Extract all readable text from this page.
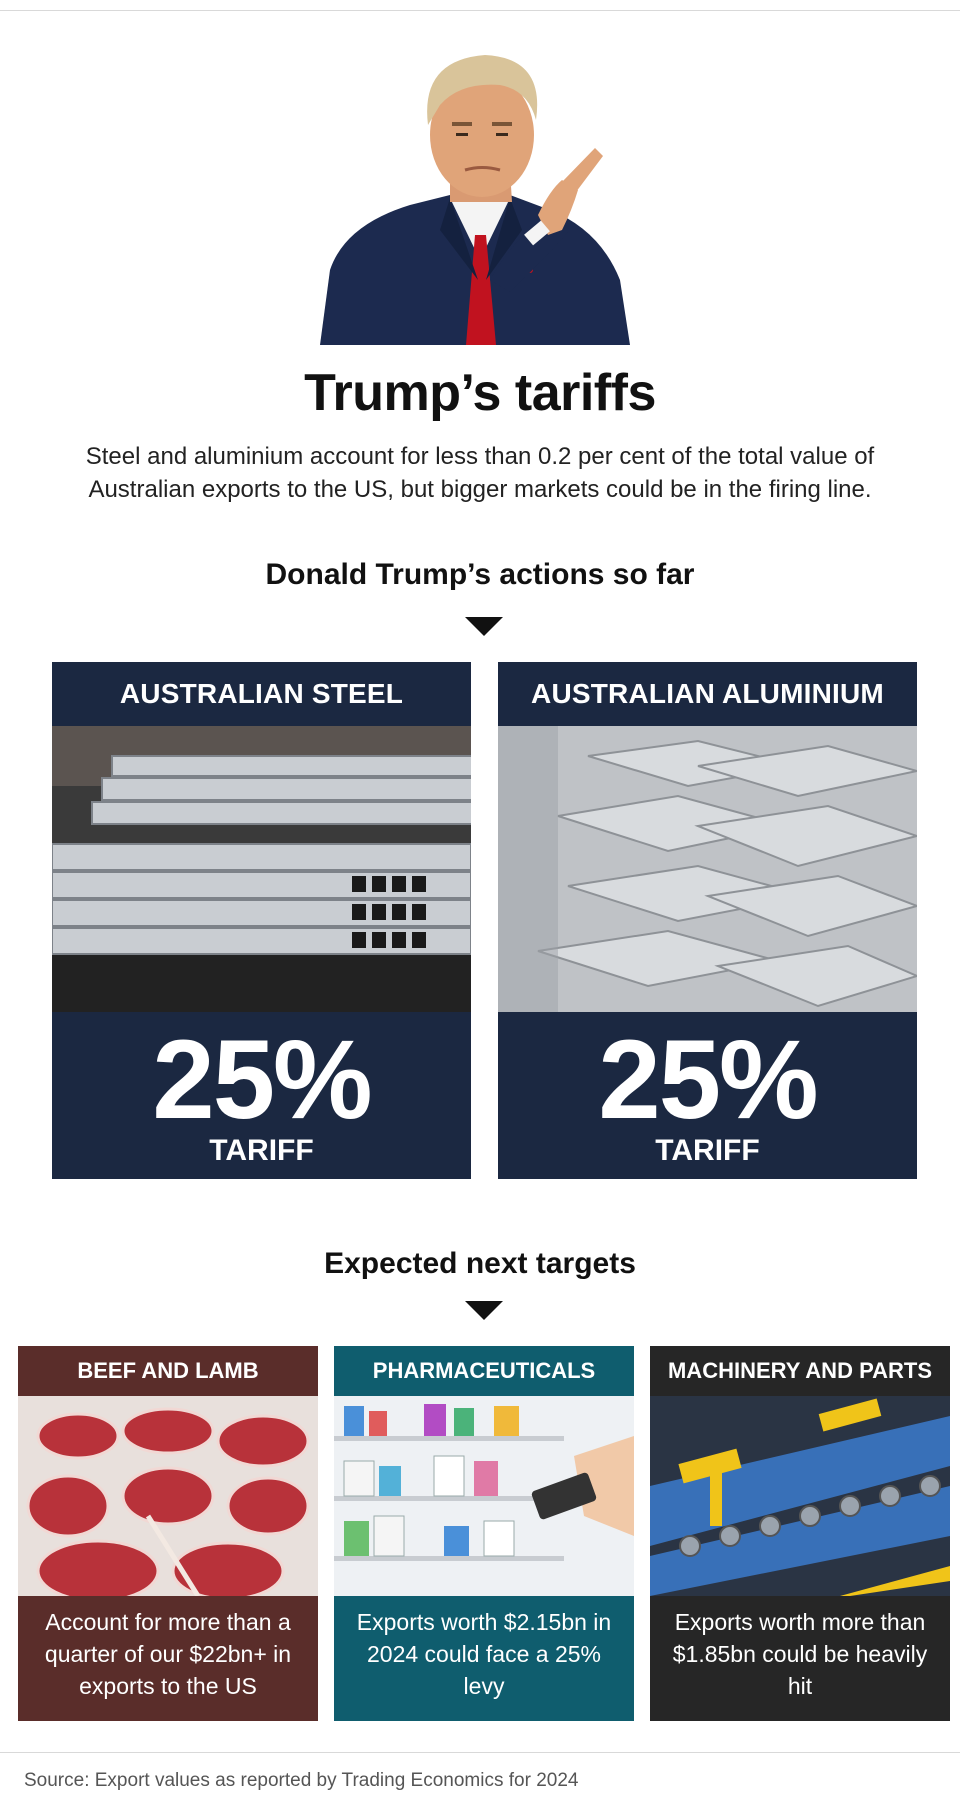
Trump’s tariffs
Steel and aluminium account for less than 0.2 per cent of the total value of Australian exports to the US, but bigger markets could be in the firing line.
Donald Trump’s actions so far
AUSTRALIAN STEEL
25%
TARIFF
AUSTRALIAN ALUMINIUM
25%
TARIFF
Expected next targets
BEEF AND LAMB
Account for more than a quarter of our $22bn+ in exports to the US
PHARMACEUTICALS
Exports worth $2.15bn in 2024 could face a 25% levy
MACHINERY AND PARTS
Exports worth more than $1.85bn could be heavily hit
Source: Export values as reported by Trading Economics for 2024
